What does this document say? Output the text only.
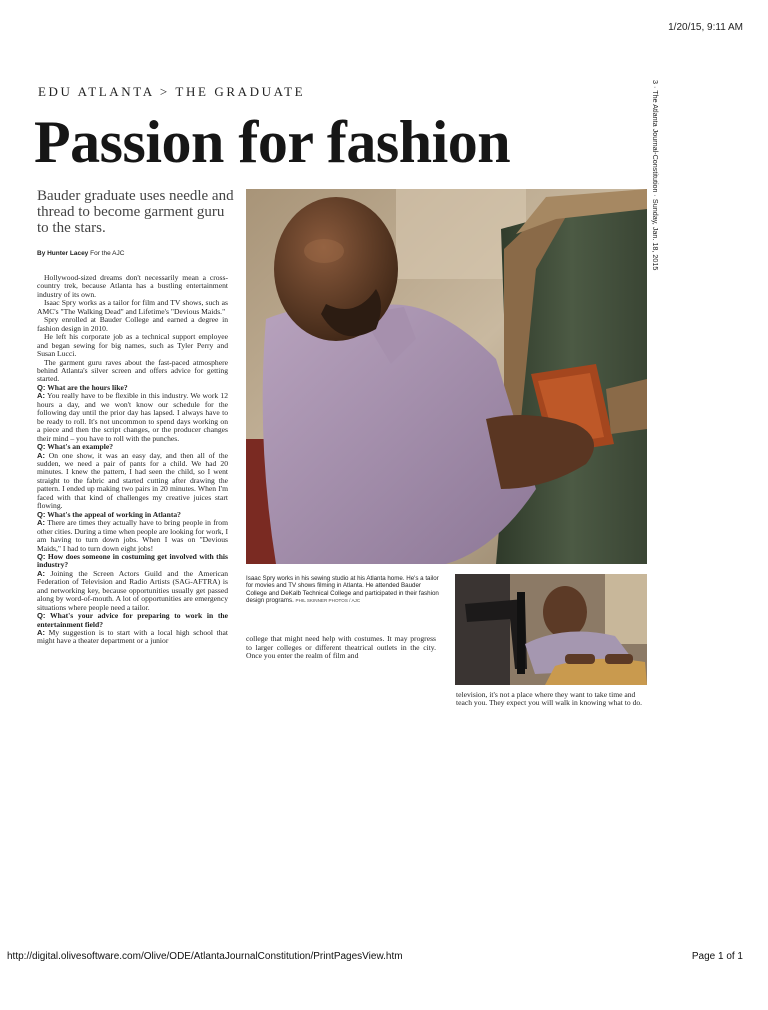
1/20/15, 9:11 AM
EDU ATLANTA > THE GRADUATE
Passion for fashion	3 · The Atlanta Journal-Constitution · Sunday, Jan. 18, 2015
Bauder graduate uses needle and thread to become garment guru to the stars.
By Hunter Lacey For the AJC

Hollywood-sized dreams don't necessarily mean a cross-country trek, because Atlanta has a bustling entertainment industry of its own.

Isaac Spry works as a tailor for film and TV shows, such as AMC's "The Walking Dead" and Lifetime's "Devious Maids."

Spry enrolled at Bauder College and earned a degree in fashion design in 2010.

He left his corporate job as a technical support employee and began sewing for big names, such as Tyler Perry and Susan Lucci.

The garment guru raves about the fast-paced atmosphere behind Atlanta's silver screen and offers advice for getting started.

Q: What are the hours like?

A: You really have to be flexible in this industry. We work 12 hours a day, and we won't know our schedule for the following day until the prior day has lapsed. I always have to be ready to roll. It's not uncommon to spend days working on a piece and then the script changes, or the producer changes their mind – you have to roll with the punches.

Q: What's an example?

A: On one show, it was an easy day, and then all of the sudden, we need a pair of pants for a child. We had 20 minutes. I knew the pattern, I had seen the child, so I went straight to the fabric and started cutting after drawing the pattern. I ended up making two pairs in 20 minutes. When I'm faced with that kind of challenges my creative juices start flowing.

Q: What's the appeal of working in Atlanta?

A: There are times they actually have to bring people in from other cities. During a time when people are looking for work, I am having to turn down jobs. When I was on "Devious Maids," I had to turn down eight jobs!

Q: How does someone in costuming get involved with this industry?

A: Joining the Screen Actors Guild and the American Federation of Television and Radio Artists (SAG-AFTRA) is and networking key, because opportunities usually get passed along by word-of-mouth. A lot of opportunities are emergency situations where people need a tailor.

Q: What's your advice for preparing to work in the entertainment field?

A: My suggestion is to start with a local high school that might have a theater department or a junior

Isaac Spry works in his sewing studio at his Atlanta home. He's a tailor for movies and TV shows filming in Atlanta. He attended Bauder College and DeKalb Technical College and participated in their fashion design programs. PHIL SKINNER PHOTOS / AJC
college that might need help with costumes. It may progress to larger colleges or different theatrical outlets in the city. Once you enter the realm of film and
television, it's not a place where they want to take time and teach you. They expect you will walk in knowing what to do.
http://digital.olivesoftware.com/Olive/ODE/AtlantaJournalConstitution/PrintPagesView.htm	Page 1 of 1
